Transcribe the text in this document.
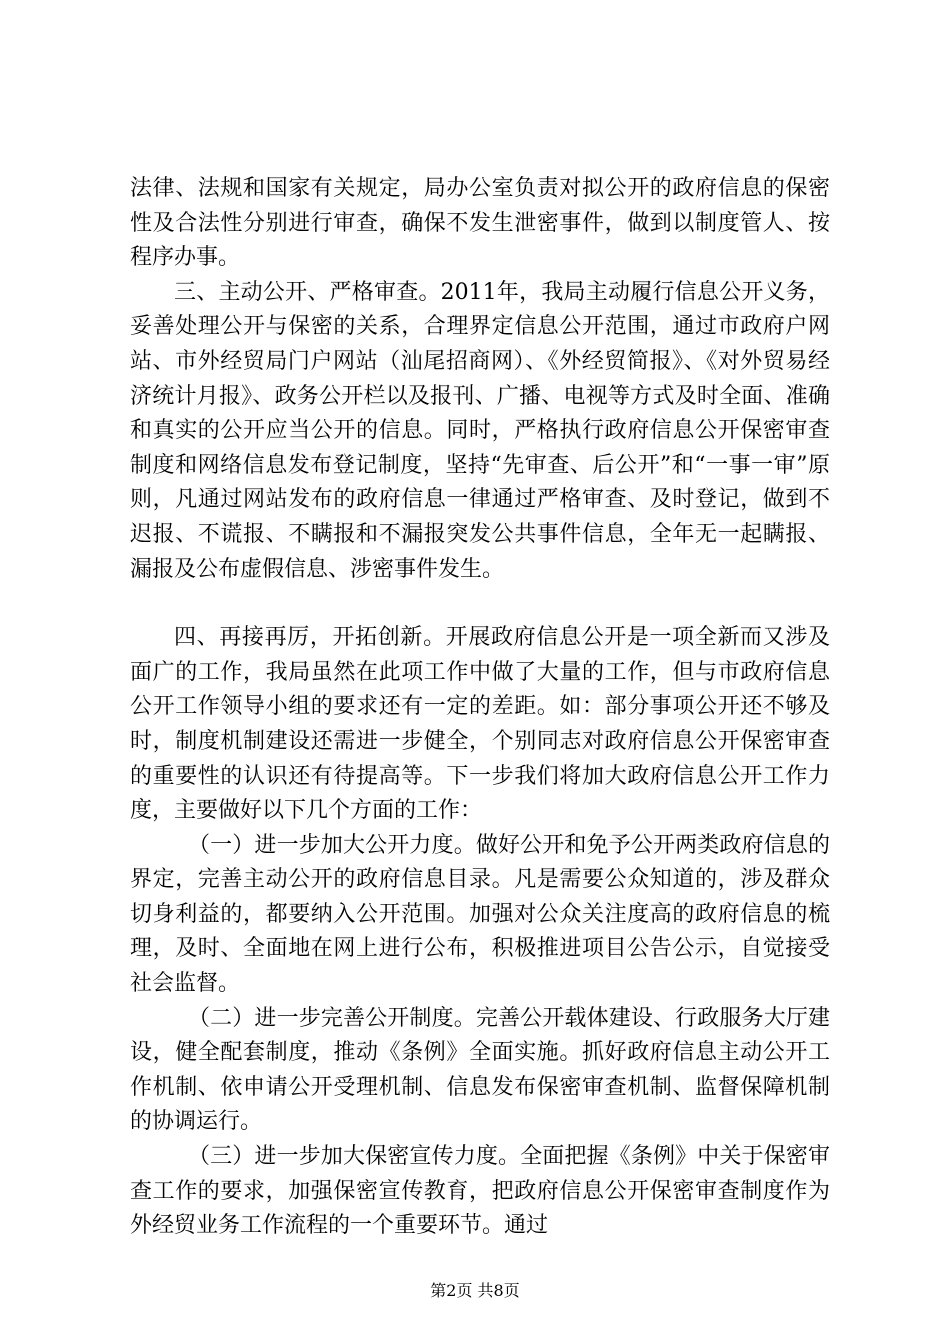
法律、法规和国家有关规定，局办公室负责对拟公开的政府信息的保密性及合法性分别进行审查，确保不发生泄密事件，做到以制度管人、按程序办事。

三、主动公开、严格审查。2011年，我局主动履行信息公开义务，妥善处理公开与保密的关系，合理界定信息公开范围，通过市政府户网站、市外经贸局门户网站（汕尾招商网）、《外经贸简报》、《对外贸易经济统计月报》、政务公开栏以及报刊、广播、电视等方式及时全面、准确和真实的公开应当公开的信息。同时，严格执行政府信息公开保密审查制度和网络信息发布登记制度，坚持“先审查、后公开”和“一事一审”原则，凡通过网站发布的政府信息一律通过严格审查、及时登记，做到不迟报、不谎报、不瞒报和不漏报突发公共事件信息，全年无一起瞒报、漏报及公布虚假信息、涉密事件发生。

四、再接再厉，开拓创新。开展政府信息公开是一项全新而又涉及面广的工作，我局虽然在此项工作中做了大量的工作，但与市政府信息公开工作领导小组的要求还有一定的差距。如：部分事项公开还不够及时，制度机制建设还需进一步健全，个别同志对政府信息公开保密审查的重要性的认识还有待提高等。下一步我们将加大政府信息公开工作力度，主要做好以下几个方面的工作：

（一）进一步加大公开力度。做好公开和免予公开两类政府信息的界定，完善主动公开的政府信息目录。凡是需要公众知道的，涉及群众切身利益的，都要纳入公开范围。加强对公众关注度高的政府信息的梳理，及时、全面地在网上进行公布，积极推进项目公告公示，自觉接受社会监督。

（二）进一步完善公开制度。完善公开载体建设、行政服务大厅建设，健全配套制度，推动《条例》全面实施。抓好政府信息主动公开工作机制、依申请公开受理机制、信息发布保密审查机制、监督保障机制的协调运行。

（三）进一步加大保密宣传力度。全面把握《条例》中关于保密审查工作的要求，加强保密宣传教育，把政府信息公开保密审查制度作为外经贸业务工作流程的一个重要环节。通过

第2页 共8页
